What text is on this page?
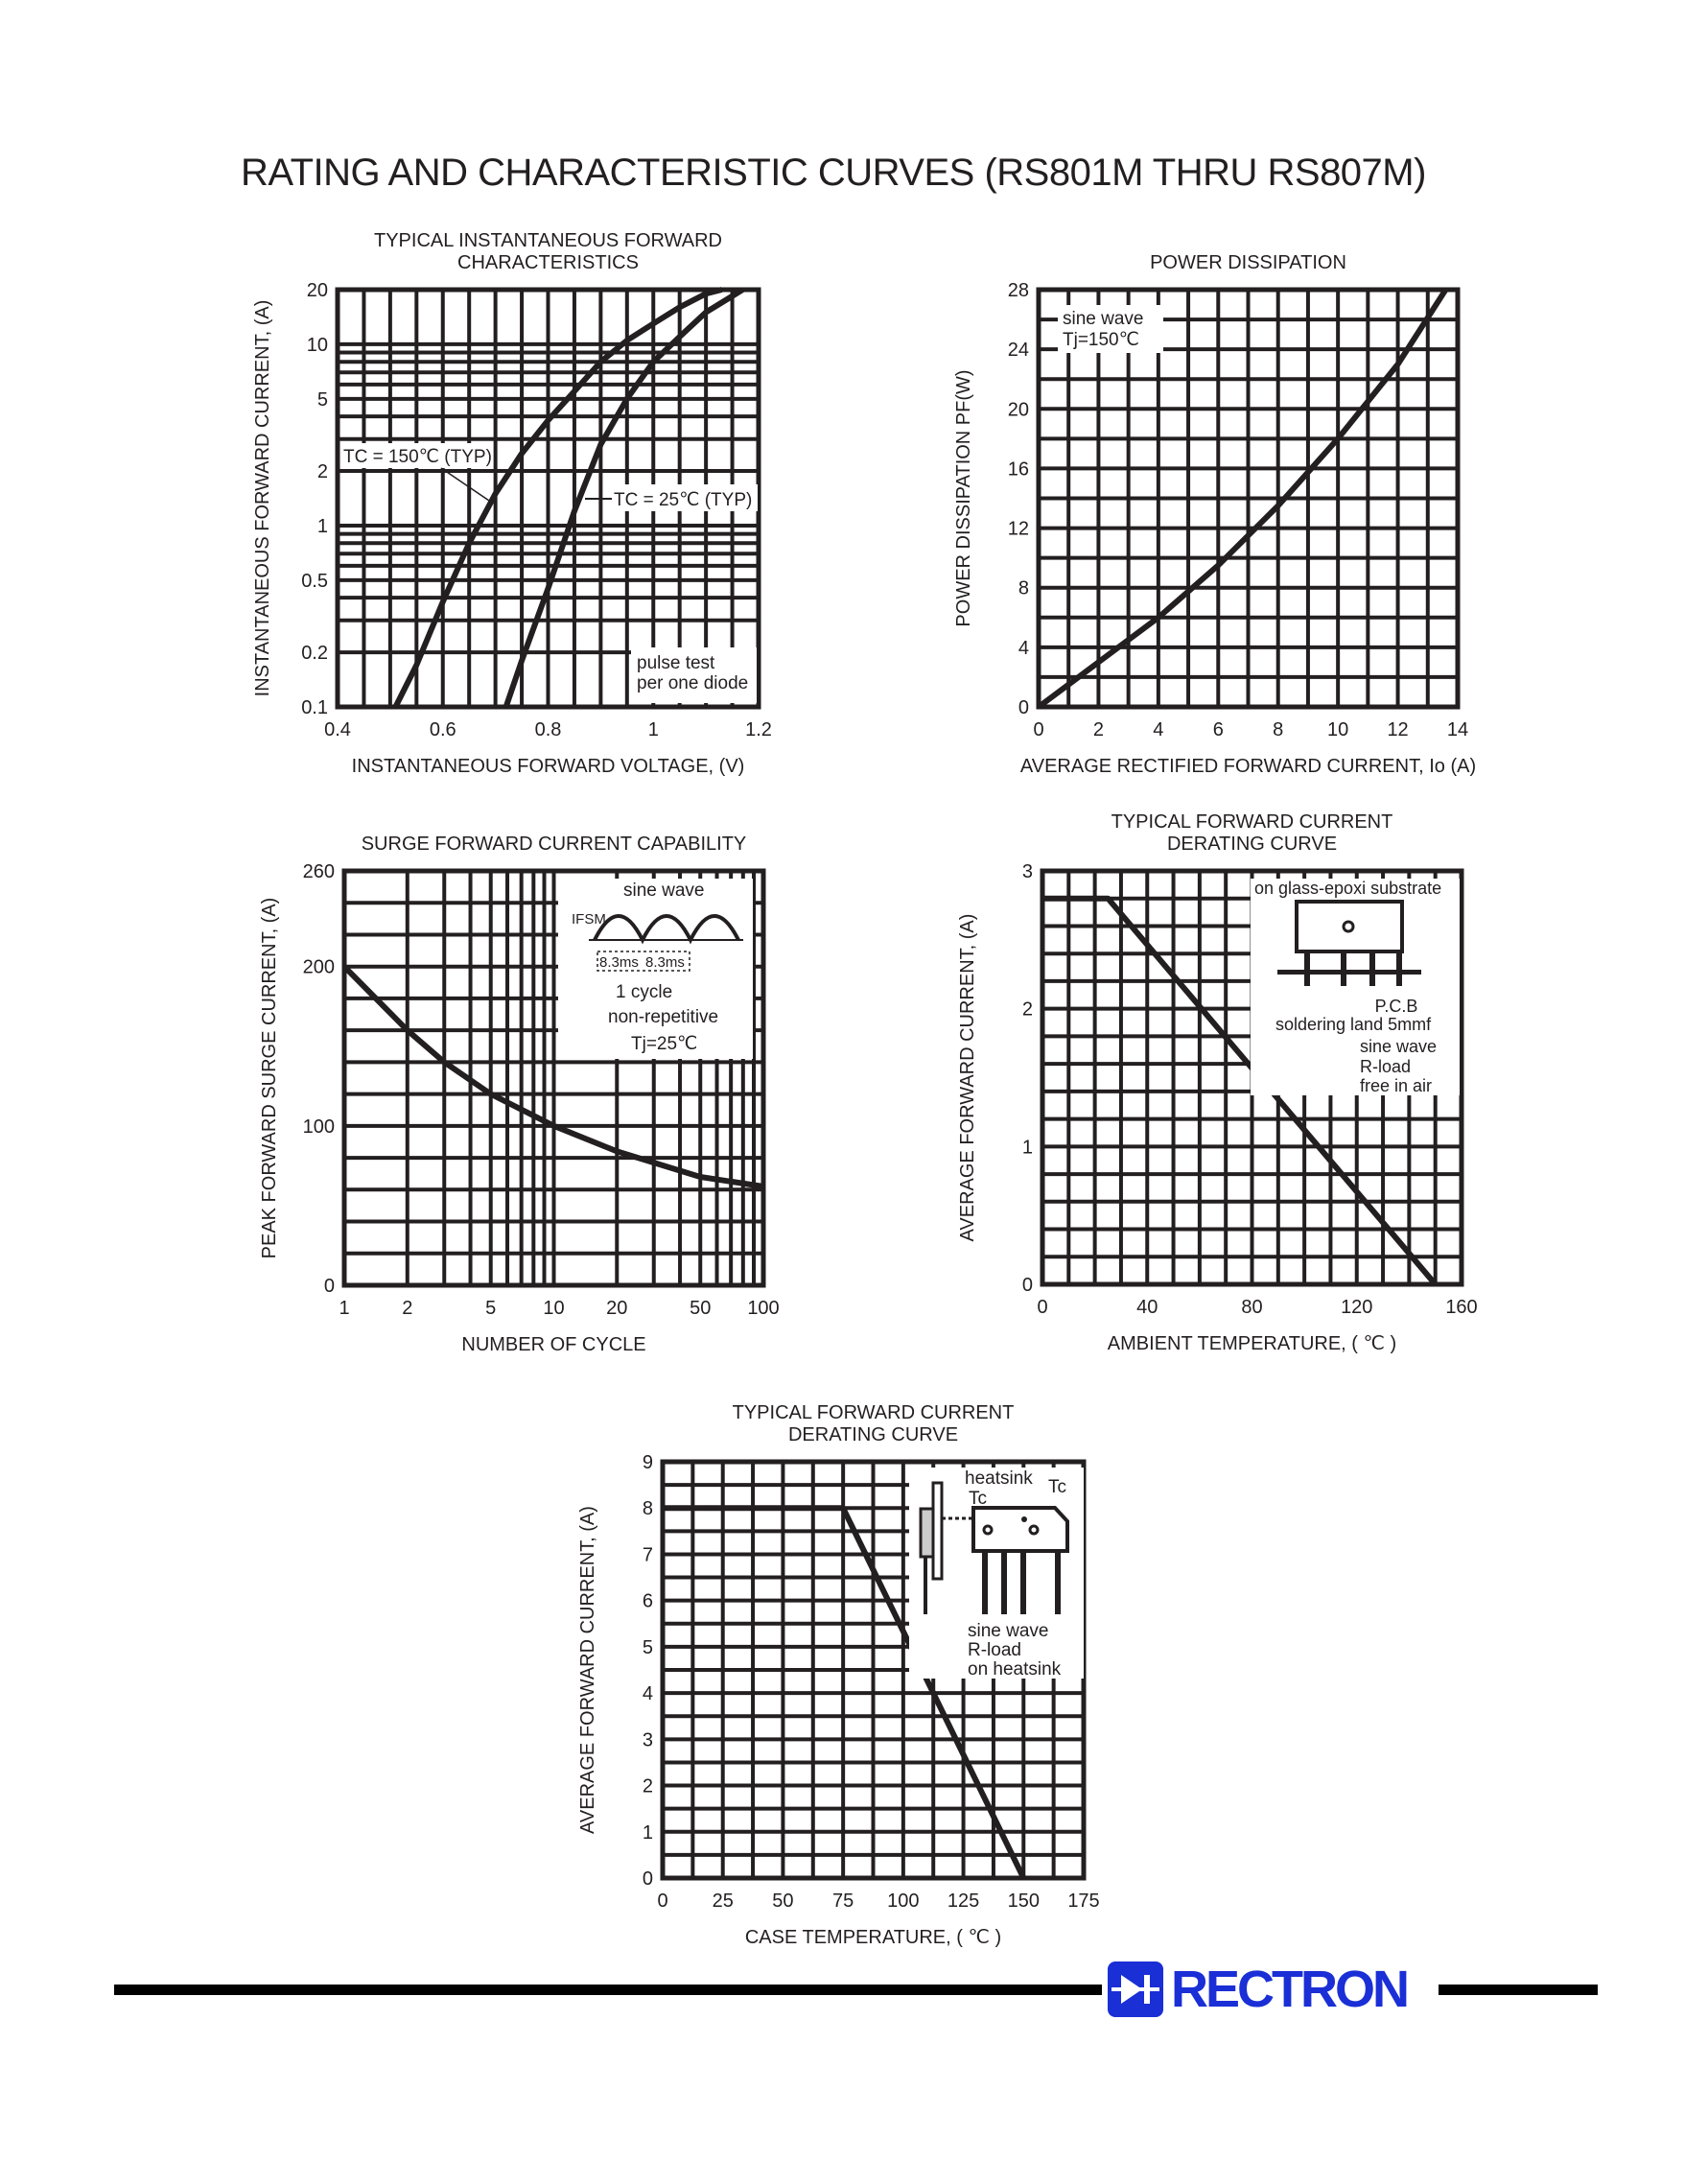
RATING AND CHARACTERISTIC CURVES (RS801M THRU RS807M)
TYPICAL INSTANTANEOUS FORWARD
CHARACTERISTICS
0.4	0.6	0.8	1	1.2
0.1
0.2
0.5
1
2
5
10
20
INSTANTANEOUS FORWARD VOLTAGE, (V)
INSTANTANEOUS FORWARD CURRENT, (A)	pulse test
per one diode
TC = 150℃ (TYP)
TC = 25℃ (TYP)
POWER DISSIPATION
0	2	4	6	8 10 12 14
0
4
8
12
16
20
24
28
AVERAGE RECTIFIED FORWARD CURRENT, Io (A)
POWER DISSIPATION PF(W)
sine wave
Tj=150℃
SURGE FORWARD CURRENT CAPABILITY
1	2	5 10 20	50 100
0
100
200
260
NUMBER OF CYCLE
PEAK FORWARD SURGE CURRENT, (A)
sine wave
IFSM
8.3ms 8.3ms
1 cycle
non-repetitive
Tj=25℃
TYPICAL FORWARD CURRENT
DERATING CURVE
0	40	80	120	160
0
1
2
3
AMBIENT TEMPERATURE, ( ℃ )
AVERAGE FORWARD CURRENT, (A)
on glass-epoxi substrate
P.C.B
soldering land 5mmf
sine wave
R-load
free in air
TYPICAL FORWARD CURRENT
DERATING CURVE
0 25 50 75 100 125 150 175
0
1
2
3
4
5
6
7
8
9
CASE TEMPERATURE, ( ℃ )
AVERAGE FORWARD CURRENT, (A)
heatsink
Tc
Tc
sine wave
R-load
on heatsink
RECTRON
